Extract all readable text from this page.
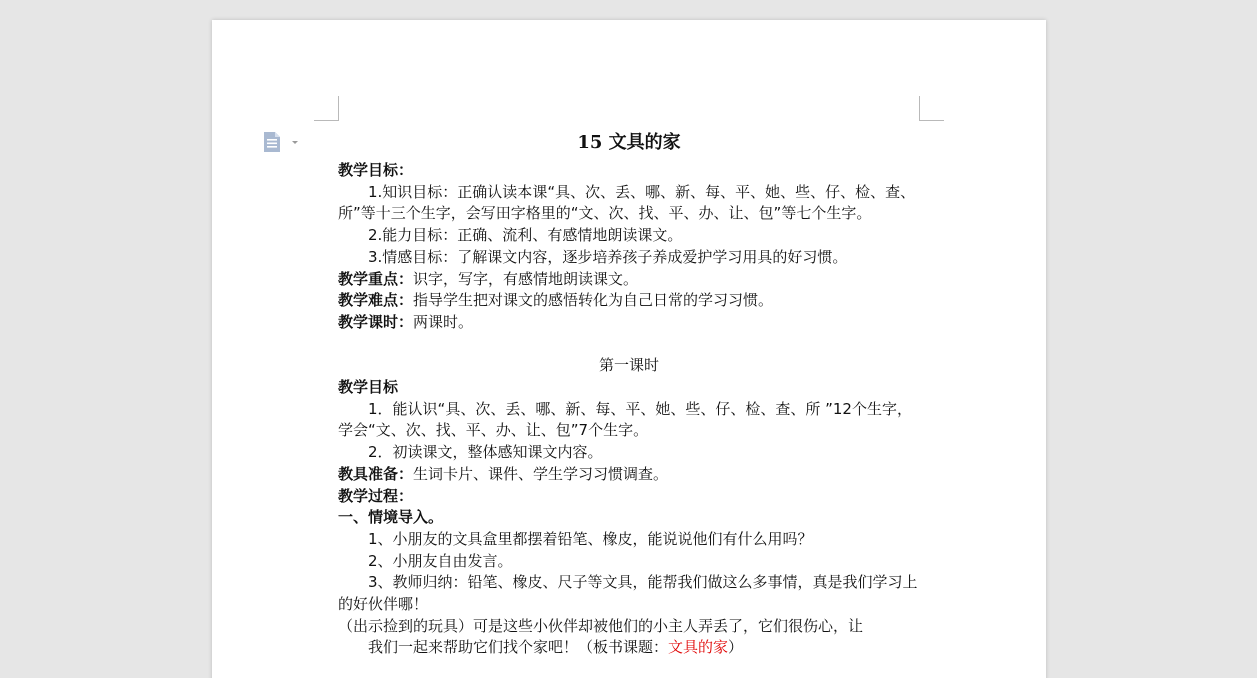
15 文具的家

教学目标：

1.知识目标：正确认读本课“具、次、丢、哪、新、每、平、她、些、仔、检、查、所”等十三个生字，会写田字格里的“文、次、找、平、办、让、包”等七个生字。

2.能力目标：正确、流利、有感情地朗读课文。

3.情感目标：了解课文内容，逐步培养孩子养成爱护学习用具的好习惯。

教学重点：识字，写字，有感情地朗读课文。

教学难点：指导学生把对课文的感悟转化为自己日常的学习习惯。

教学课时：两课时。

第一课时

教学目标

1．能认识“具、次、丢、哪、新、每、平、她、些、仔、检、查、所 ”12个生字，学会“文、次、找、平、办、让、包”7个生字。

2．初读课文，整体感知课文内容。

教具准备：生词卡片、课件、学生学习习惯调查。

教学过程：

一、情境导入。

1、小朋友的文具盒里都摆着铅笔、橡皮，能说说他们有什么用吗？

2、小朋友自由发言。

3、教师归纳：铅笔、橡皮、尺子等文具，能帮我们做这么多事情，真是我们学习上的好伙伴哪！

（出示捡到的玩具）可是这些小伙伴却被他们的小主人弄丢了，它们很伤心，让

我们一起来帮助它们找个家吧！（板书课题：文具的家）
